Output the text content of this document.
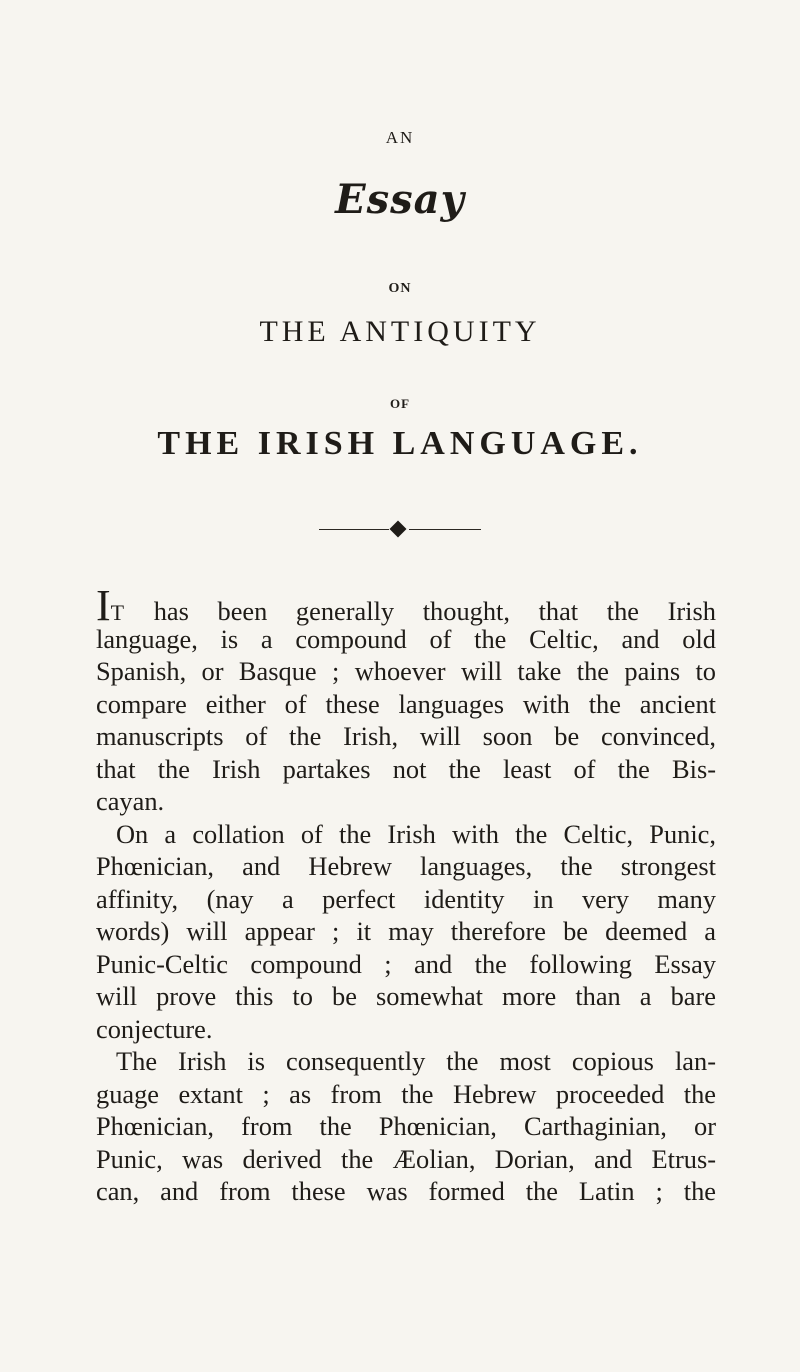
AN
Essay
ON
THE ANTIQUITY
OF
THE IRISH LANGUAGE.
IT has been generally thought, that the Irish
language, is a compound of the Celtic, and old
Spanish, or Basque ; whoever will take the pains to
compare either of these languages with the ancient
manuscripts of the Irish, will soon be convinced,
that the Irish partakes not the least of the Bis-
cayan.
On a collation of the Irish with the Celtic, Punic,
Phœnician, and Hebrew languages, the strongest
affinity, (nay a perfect identity in very many
words) will appear ; it may therefore be deemed a
Punic-Celtic compound ; and the following Essay
will prove this to be somewhat more than a bare
conjecture.
The Irish is consequently the most copious lan-
guage extant ; as from the Hebrew proceeded the
Phœnician, from the Phœnician, Carthaginian, or
Punic, was derived the Æolian, Dorian, and Etrus-
can, and from these was formed the Latin ; the
